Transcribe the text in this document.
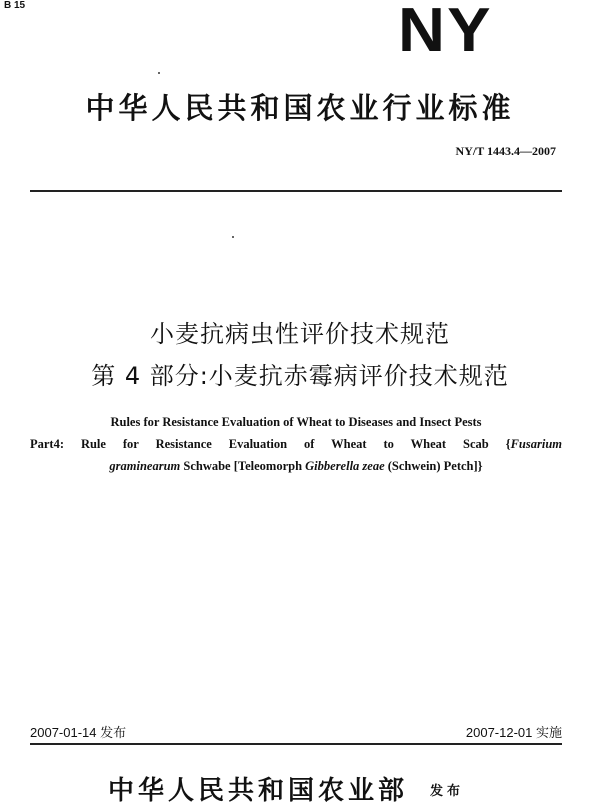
B 15	NY
中华人民共和国农业行业标准
NY/T 1443.4—2007
小麦抗病虫性评价技术规范
第 4 部分:小麦抗赤霉病评价技术规范
Rules for Resistance Evaluation of Wheat to Diseases and Insect Pests
Part4: Rule for Resistance Evaluation of Wheat to Wheat Scab {Fusarium
graminearum Schwabe [Teleomorph Gibberella zeae (Schwein) Petch]}
2007-01-14 发布	2007-12-01 实施
中华人民共和国农业部 发布
